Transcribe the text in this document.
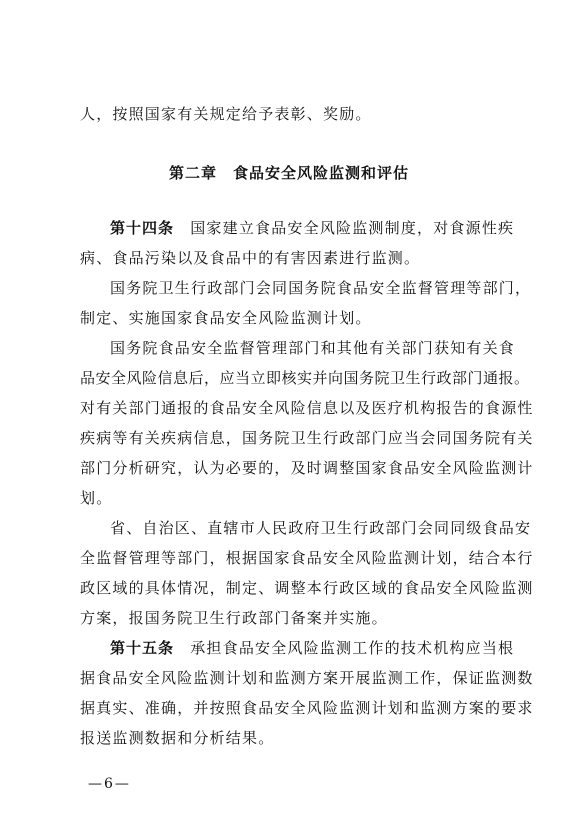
人，按照国家有关规定给予表彰、奖励。
第二章　食品安全风险监测和评估
第十四条　国家建立食品安全风险监测制度，对食源性疾
病、食品污染以及食品中的有害因素进行监测。
国务院卫生行政部门会同国务院食品安全监督管理等部门，
制定、实施国家食品安全风险监测计划。
国务院食品安全监督管理部门和其他有关部门获知有关食
品安全风险信息后，应当立即核实并向国务院卫生行政部门通报。
对有关部门通报的食品安全风险信息以及医疗机构报告的食源性
疾病等有关疾病信息，国务院卫生行政部门应当会同国务院有关
部门分析研究，认为必要的，及时调整国家食品安全风险监测计
划。
省、自治区、直辖市人民政府卫生行政部门会同同级食品安
全监督管理等部门，根据国家食品安全风险监测计划，结合本行
政区域的具体情况，制定、调整本行政区域的食品安全风险监测
方案，报国务院卫生行政部门备案并实施。
第十五条　承担食品安全风险监测工作的技术机构应当根
据食品安全风险监测计划和监测方案开展监测工作，保证监测数
据真实、准确，并按照食品安全风险监测计划和监测方案的要求
报送监测数据和分析结果。
—6—
